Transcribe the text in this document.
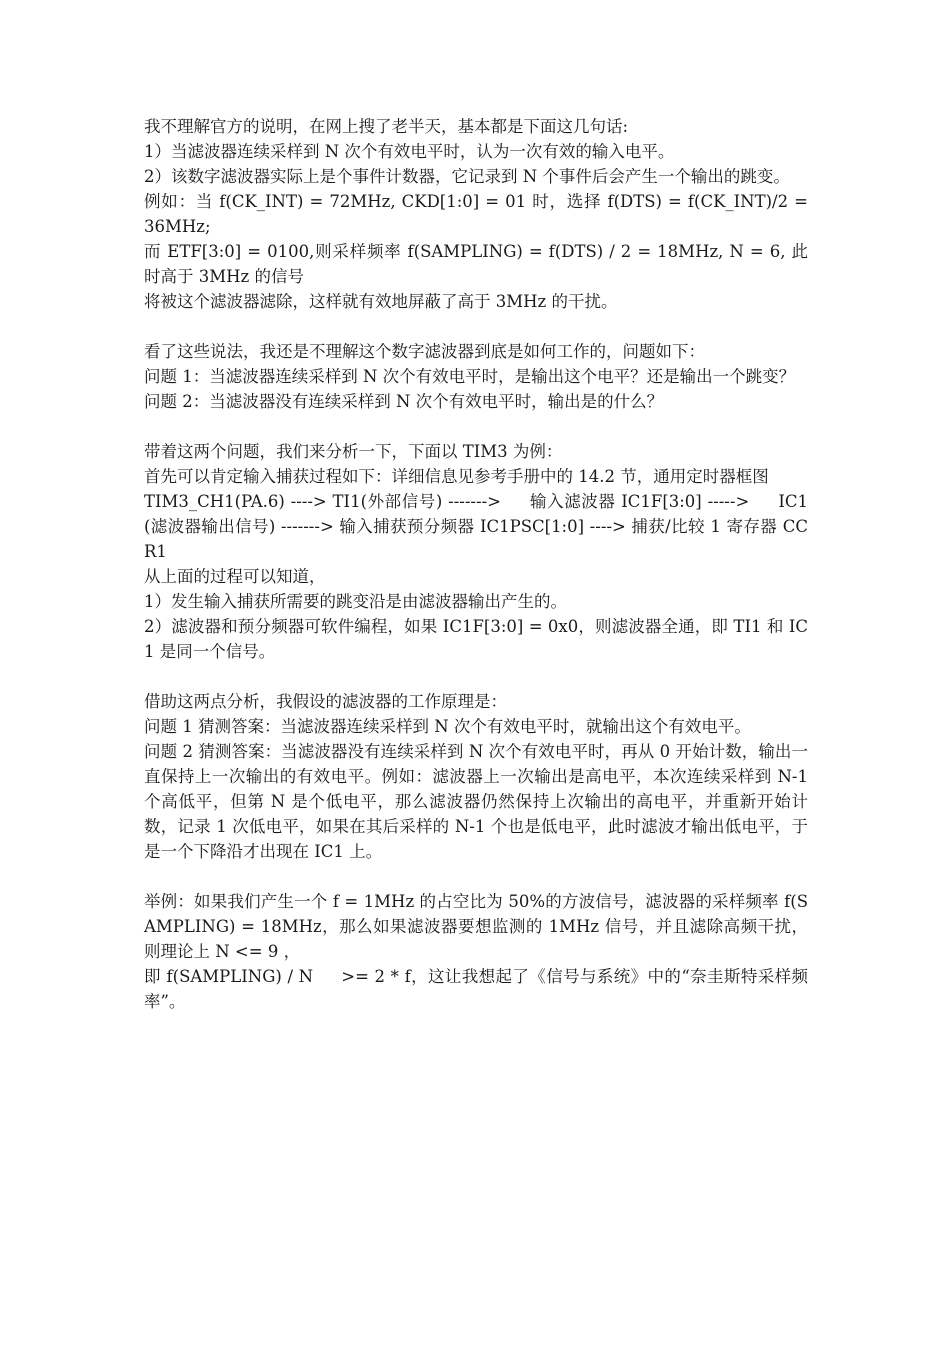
我不理解官方的说明，在网上搜了老半天，基本都是下面这几句话:

1）当滤波器连续采样到 N 次个有效电平时，认为一次有效的输入电平。

2）该数字滤波器实际上是个事件计数器，它记录到 N 个事件后会产生一个输出的跳变。

例如：当 f(CK_INT) = 72MHz, CKD[1:0] = 01 时，选择 f(DTS) = f(CK_INT)/2 = 36MHz;

而 ETF[3:0] = 0100,则采样频率 f(SAMPLING) = f(DTS) / 2 = 18MHz, N = 6, 此时高于 3MHz 的信号

将被这个滤波器滤除，这样就有效地屏蔽了高于 3MHz 的干扰。

看了这些说法，我还是不理解这个数字滤波器到底是如何工作的，问题如下：

问题 1：当滤波器连续采样到 N 次个有效电平时，是输出这个电平？还是输出一个跳变？

问题 2：当滤波器没有连续采样到 N 次个有效电平时，输出是的什么？

带着这两个问题，我们来分析一下，下面以 TIM3 为例：

首先可以肯定输入捕获过程如下：详细信息见参考手册中的 14.2 节，通用定时器框图

TIM3_CH1(PA.6) ----> TI1(外部信号) ------->     输入滤波器 IC1F[3:0] ----->     IC1(滤波器输出信号) -------> 输入捕获预分频器 IC1PSC[1:0] ----> 捕获/比较 1 寄存器 CCR1

从上面的过程可以知道，

1）发生输入捕获所需要的跳变沿是由滤波器输出产生的。

2）滤波器和预分频器可软件编程，如果 IC1F[3:0] = 0x0，则滤波器全通，即 TI1 和 IC1 是同一个信号。

借助这两点分析，我假设的滤波器的工作原理是：

问题 1 猜测答案：当滤波器连续采样到 N 次个有效电平时，就输出这个有效电平。

问题 2 猜测答案：当滤波器没有连续采样到 N 次个有效电平时，再从 0 开始计数，输出一直保持上一次输出的有效电平。例如：滤波器上一次输出是高电平，本次连续采样到 N-1 个高低平，但第 N 是个低电平，那么滤波器仍然保持上次输出的高电平，并重新开始计数，记录 1 次低电平，如果在其后采样的 N-1 个也是低电平，此时滤波才输出低电平，于是一个下降沿才出现在 IC1 上。

举例：如果我们产生一个 f = 1MHz 的占空比为 50%的方波信号，滤波器的采样频率 f(SAMPLING) = 18MHz，那么如果滤波器要想监测的 1MHz 信号，并且滤除高频干扰，则理论上 N <= 9 ，

即 f(SAMPLING) / N     >= 2 * f，这让我想起了《信号与系统》中的“奈圭斯特采样频率”。
